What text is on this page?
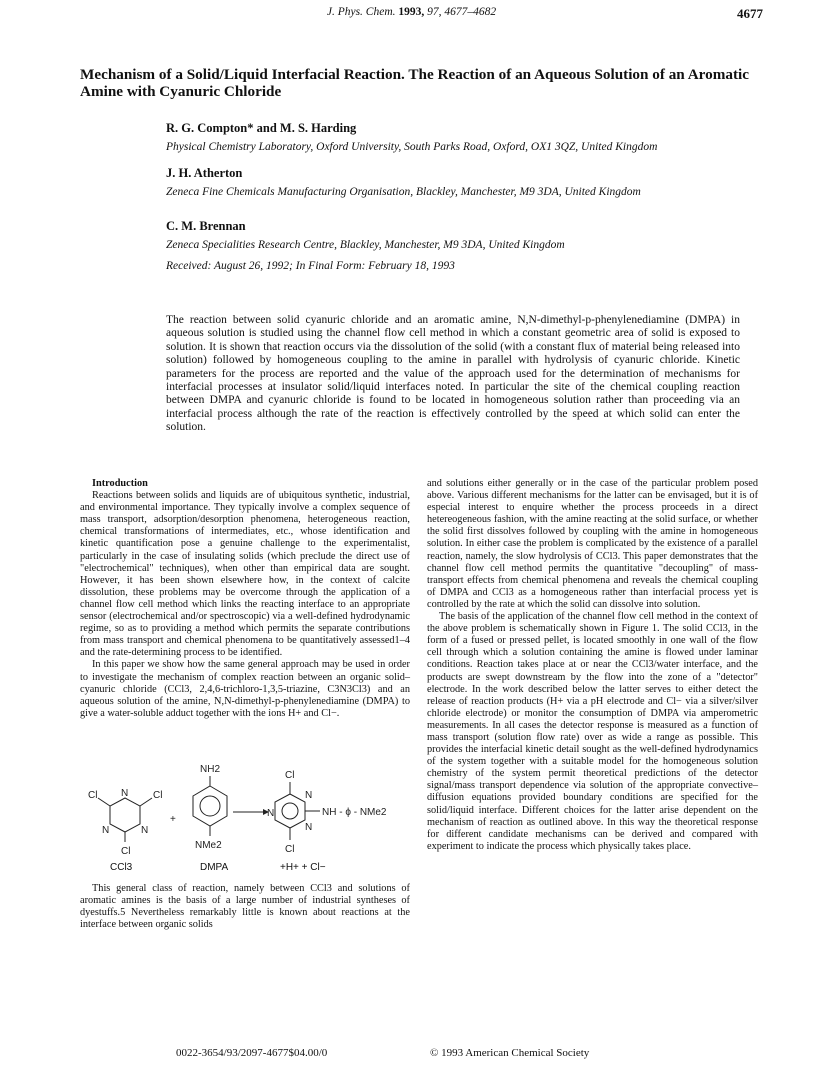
J. Phys. Chem. 1993, 97, 4677–4682	4677
Mechanism of a Solid/Liquid Interfacial Reaction. The Reaction of an Aqueous Solution of an Aromatic Amine with Cyanuric Chloride
R. G. Compton* and M. S. Harding
Physical Chemistry Laboratory, Oxford University, South Parks Road, Oxford, OX1 3QZ, United Kingdom
J. H. Atherton
Zeneca Fine Chemicals Manufacturing Organisation, Blackley, Manchester, M9 3DA, United Kingdom
C. M. Brennan
Zeneca Specialities Research Centre, Blackley, Manchester, M9 3DA, United Kingdom
Received: August 26, 1992; In Final Form: February 18, 1993
The reaction between solid cyanuric chloride and an aromatic amine, N,N-dimethyl-p-phenylenediamine (DMPA) in aqueous solution is studied using the channel flow cell method in which a constant geometric area of solid is exposed to solution. It is shown that reaction occurs via the dissolution of the solid (with a constant flux of material being released into solution) followed by homogeneous coupling to the amine in parallel with hydrolysis of cyanuric chloride. Kinetic parameters for the process are reported and the value of the approach used for the determination of mechanisms for interfacial processes at insulator solid/liquid interfaces noted. In particular the site of the chemical coupling reaction between DMPA and cyanuric chloride is found to be located in homogeneous solution rather than proceeding via an interfacial process although the rate of the reaction is effectively controlled by the speed at which solid can enter the solution.

Introduction

Reactions between solids and liquids are of ubiquitous synthetic, industrial, and environmental importance. They typically involve a complex sequence of mass transport, adsorption/desorption phenomena, heterogeneous reaction, chemical transformations of intermediates, etc., whose identification and kinetic quantification pose a genuine challenge to the experimentalist, particularly in the case of insulating solids (which preclude the direct use of "electrochemical" techniques), when other than empirical data are sought. However, it has been shown elsewhere how, in the context of calcite dissolution, these problems may be overcome through the application of a channel flow cell method which links the reacting interface to an appropriate sensor (electrochemical and/or spectroscopic) via a well-defined hydrodynamic regime, so as to providing a method which permits the separate contributions from mass transport and chemical phenomena to be quantitatively assessed1–4 and the rate-determining process to be identified.

In this paper we show how the same general approach may be used in order to investigate the mechanism of complex reaction between an organic solid–cyanuric chloride (CCl3, 2,4,6-trichloro-1,3,5-triazine, C3N3Cl3) and an aqueous solution of the amine, N,N-dimethyl-p-phenylenediamine (DMPA) to give a water-soluble adduct together with the ions H+ and Cl−.

Cl	Cl
Cl
N
N	N
+
NH2
NMe2
Cl
Cl
N
N
N
NH - ϕ - NMe2
CCl3	DMPA	+H+ + Cl−

This general class of reaction, namely between CCl3 and solutions of aromatic amines is the basis of a large number of industrial syntheses of dyestuffs.5 Nevertheless remarkably little is known about reactions at the interface between organic solids

and solutions either generally or in the case of the particular problem posed above. Various different mechanisms for the latter can be envisaged, but it is of especial interest to enquire whether the process proceeds in a direct hetereogeneous fashion, with the amine reacting at the solid surface, or whether the solid first dissolves followed by coupling with the amine in homogeneous solution. In either case the problem is complicated by the existence of a parallel reaction, namely, the slow hydrolysis of CCl3. This paper demonstrates that the channel flow cell method permits the quantitative "decoupling" of mass-transport effects from chemical phenomena and reveals the chemical coupling of DMPA and CCl3 as a homogeneous rather than interfacial process yet is controlled by the rate at which the solid can dissolve into solution.

The basis of the application of the channel flow cell method in the context of the above problem is schematically shown in Figure 1. The solid CCl3, in the form of a fused or pressed pellet, is located smoothly in one wall of the flow cell through which a solution containing the amine is flowed under laminar conditions. Reaction takes place at or near the CCl3/water interface, and the products are swept downstream by the flow into the zone of a "detector" electrode. In the work described below the latter serves to either detect the release of reaction products (H+ via a pH electrode and Cl− via a silver/silver chloride electrode) or monitor the consumption of DMPA via amperometric measurements. In all cases the detector response is measured as a function of mass transport (solution flow rate) over as wide a range as possible. This provides the interfacial kinetic detail sought as the well-defined hydrodynamics of the system together with a suitable model for the homogeneous solution chemistry of the system permit theoretical predictions of the detector signal/mass transport dependence via solution of the appropriate convective–diffusion equations provided boundary conditions are specified for the solid/liquid interface. Different choices for the latter arise dependent on the mechanism of reaction as outlined above. In this way the theoretical response for different candidate mechanisms can be derived and compared with experiment to indicate the process which physically takes place.

0022-3654/93/2097-4677$04.00/0	© 1993 American Chemical Society
